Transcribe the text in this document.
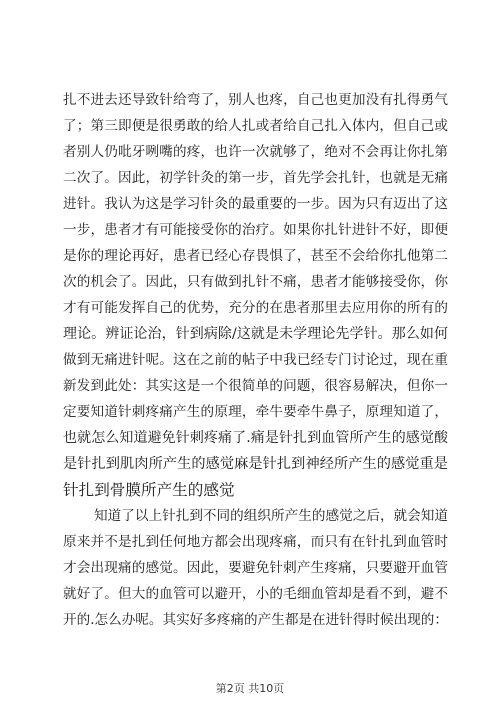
扎不进去还导致针给弯了，别人也疼，自己也更加没有扎得勇气
了；第三即便是很勇敢的给人扎或者给自己扎入体内，但自己或
者别人仍吡牙咧嘴的疼，也许一次就够了，绝对不会再让你扎第
二次了。因此，初学针灸的第一步，首先学会扎针，也就是无痛
进针。我认为这是学习针灸的最重要的一步。因为只有迈出了这
一步，患者才有可能接受你的治疗。如果你扎针进针不好，即便
是你的理论再好，患者已经心存畏惧了，甚至不会给你扎他第二
次的机会了。因此，只有做到扎针不痛，患者才能够接受你，你
才有可能发挥自己的优势，充分的在患者那里去应用你的所有的
理论。辨证论治，针到病除/这就是未学理论先学针。那么如何
做到无痛进针呢。这在之前的帖子中我已经专门讨论过，现在重
新发到此处：其实这是一个很简单的问题，很容易解决，但你一
定要知道针刺疼痛产生的原理，牵牛要牵牛鼻子，原理知道了，
也就怎么知道避免针刺疼痛了.痛是针扎到血管所产生的感觉酸
是针扎到肌肉所产生的感觉麻是针扎到神经所产生的感觉重是
针扎到骨膜所产生的感觉
知道了以上针扎到不同的组织所产生的感觉之后，就会知道
原来并不是扎到任何地方都会出现疼痛，而只有在针扎到血管时
才会出现痛的感觉。因此，要避免针刺产生疼痛，只要避开血管
就好了。但大的血管可以避开，小的毛细血管却是看不到，避不
开的.怎么办呢。其实好多疼痛的产生都是在进针得时候出现的：
第2页 共10页
